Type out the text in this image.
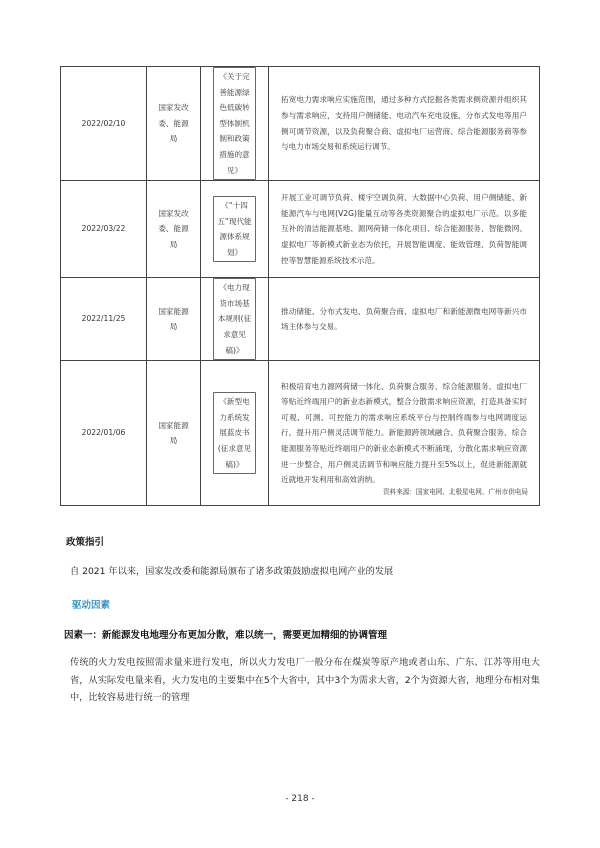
2022/02/10	国家发改委、能源局	《关于完善能源绿色低碳转型体制机制和政策措施的意见》	拓宽电力需求响应实施范围，通过多种方式挖掘各类需求侧资源并组织其参与需求响应，支持用户侧储能、电动汽车充电设施、分布式发电等用户侧可调节资源，以及负荷聚合商、虚拟电厂运营商、综合能源服务商等参与电力市场交易和系统运行调节。
2022/03/22	国家发改委、能源局	《“十四五”现代能源体系规划》	开展工业可调节负荷、楼宇空调负荷、大数据中心负荷、用户侧储能、新能源汽车与电网(V2G)能量互动等各类资源聚合的虚拟电厂示范。以多能互补的清洁能源基地、源网荷储一体化项目、综合能源服务、智能微网、虚拟电厂等新模式新业态为依托，开展智能调度、能效管理、负荷智能调控等智慧能源系统技术示范。
2022/11/25	国家能源局	《电力现货市场基本规则(征求意见稿)》	推动储能、分布式发电、负荷聚合商、虚拟电厂和新能源微电网等新兴市场主体参与交易。
2022/01/06	国家能源局	《新型电力系统发展蓝皮书(征求意见稿)》	积极培育电力源网荷储一体化、负荷聚合服务、综合能源服务、虚拟电厂等贴近终端用户的新业态新模式，整合分散需求响应资源，打造具备实时可观、可测、可控能力的需求响应系统平台与控制终端参与电网调度运行，提升用户侧灵活调节能力。新能源跨领域融合、负荷聚合服务、综合能源服务等贴近终端用户的新业态新模式不断涌现，分散化需求响应资源进一步整合，用户侧灵活调节和响应能力提升至5%以上，促进新能源就近就地开发利用和高效消纳。
资料来源：国家电网、北极星电网、广州市供电局
政策指引
自 2021 年以来，国家发改委和能源局颁布了诸多政策鼓励虚拟电网产业的发展
驱动因素
因素一：新能源发电地理分布更加分散，难以统一，需要更加精细的协调管理
传统的火力发电按照需求量来进行发电，所以火力发电厂一般分布在煤炭等原产地或者山东、广东、江苏等用电大省，从实际发电量来看，火力发电的主要集中在5个大省中，其中3个为需求大省，2个为资源大省，地理分布相对集中，比较容易进行统一的管理
- 218 -
